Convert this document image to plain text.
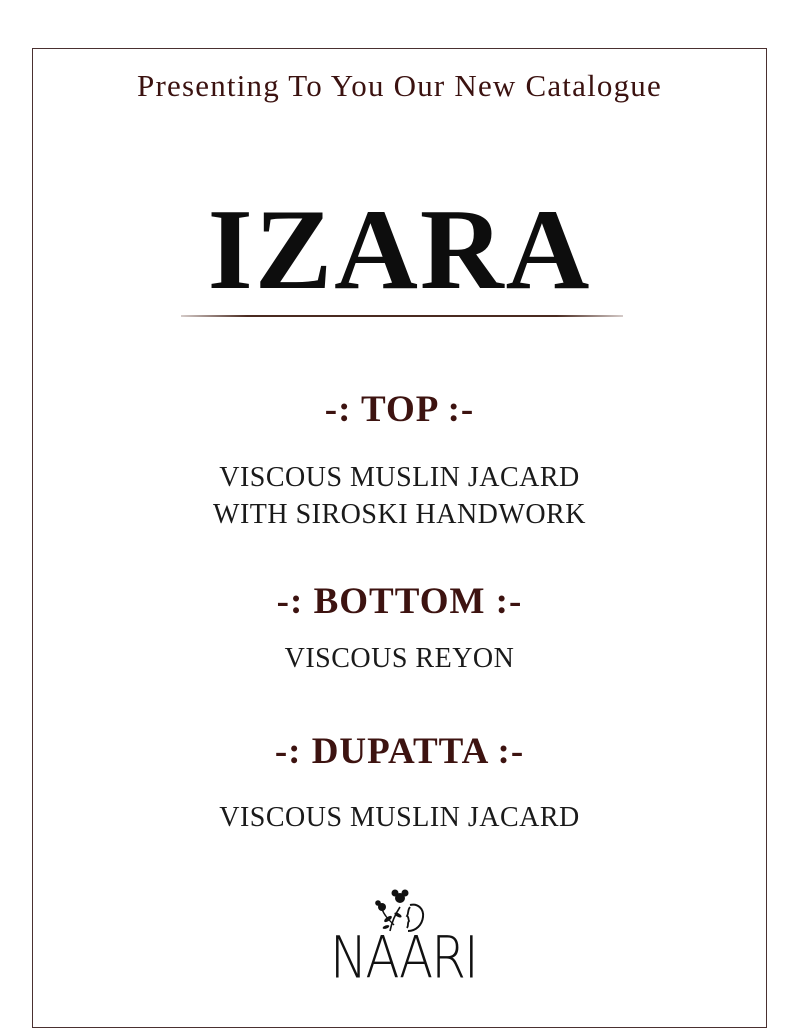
Presenting To You Our New Catalogue
IZARA
-: TOP :-
VISCOUS MUSLIN JACARD
WITH SIROSKI HANDWORK
-: BOTTOM :-
VISCOUS REYON
-: DUPATTA :-
VISCOUS MUSLIN JACARD
NAARI
